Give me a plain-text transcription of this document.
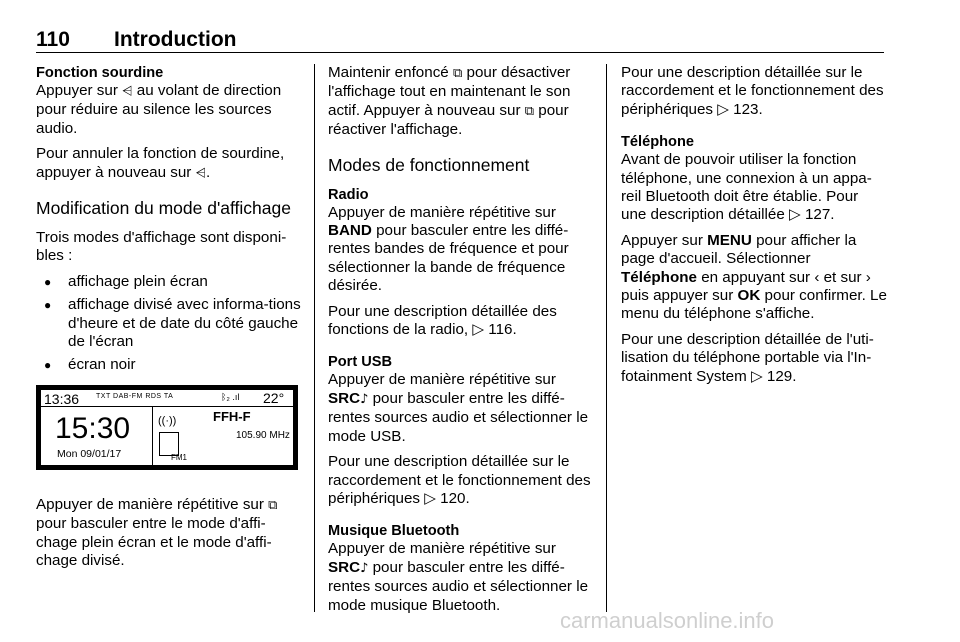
110 Introduction
Fonction sourdine

Appuyer sur ⩤ au volant de direction pour réduire au silence les sources audio.

Pour annuler la fonction de sourdine, appuyer à nouveau sur ⩤.

Modification du mode d'affichage

Trois modes d'affichage sont disponi-bles :

● affichage plein écran
● affichage divisé avec informa-tions d'heure et de date du côté gauche de l'écran
● écran noir
13:36 TXT DAB-FM RDS TA	ᛒ₂ .ıl 22°
15:30
Mon 09/01/17
((·))
FM1
FFH-F
105.90 MHz

Appuyer de manière répétitive sur ⧉ pour basculer entre le mode d'affi-chage plein écran et le mode d'affi-chage divisé.

Maintenir enfoncé ⧉ pour désactiver l'affichage tout en maintenant le son actif. Appuyer à nouveau sur ⧉ pour réactiver l'affichage.

Modes de fonctionnement
Radio

Appuyer de manière répétitive sur BAND pour basculer entre les diffé-rentes bandes de fréquence et pour sélectionner la bande de fréquence désirée.

Pour une description détaillée des fonctions de la radio, ▷ 116.

Port USB

Appuyer de manière répétitive sur SRC♪ pour basculer entre les diffé-rentes sources audio et sélectionner le mode USB.

Pour une description détaillée sur le raccordement et le fonctionnement des périphériques ▷ 120.

Musique Bluetooth

Appuyer de manière répétitive sur SRC♪ pour basculer entre les diffé-rentes sources audio et sélectionner le mode musique Bluetooth.

Pour une description détaillée sur le raccordement et le fonctionnement des périphériques ▷ 123.

Téléphone

Avant de pouvoir utiliser la fonction téléphone, une connexion à un appa-reil Bluetooth doit être établie. Pour une description détaillée ▷ 127.

Appuyer sur MENU pour afficher la page d'accueil. Sélectionner Téléphone en appuyant sur ‹ et sur › puis appuyer sur OK pour confirmer. Le menu du téléphone s'affiche.

Pour une description détaillée de l'uti-lisation du téléphone portable via l'In-fotainment System ▷ 129.

carmanualsonline.info
